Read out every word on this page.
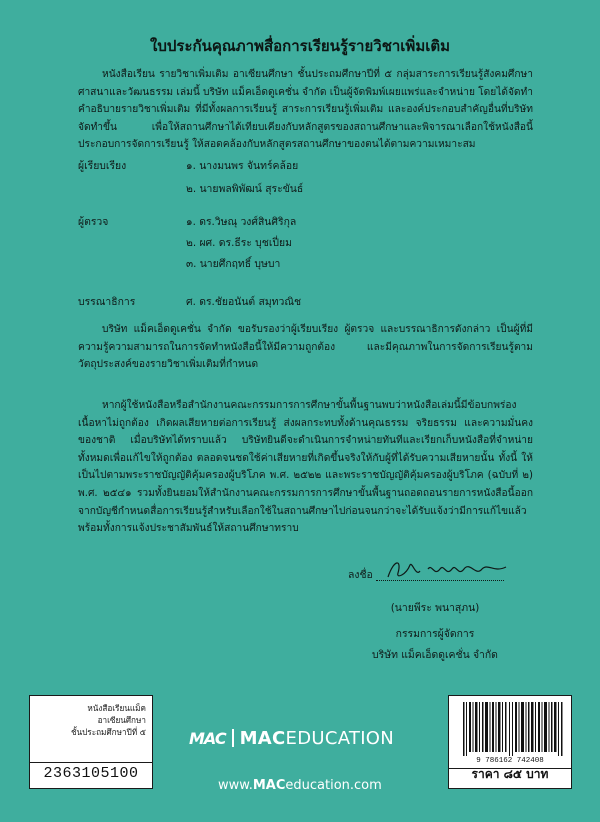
ใบประกันคุณภาพสื่อการเรียนรู้รายวิชาเพิ่มเติม
หนังสือเรียน รายวิชาเพิ่มเติม อาเซียนศึกษา ชั้นประถมศึกษาปีที่ ๕ กลุ่มสาระการเรียนรู้สังคมศึกษา ศาสนาและวัฒนธรรม เล่มนี้ บริษัท แม็คเอ็ดดูเคชั่น จำกัด เป็นผู้จัดพิมพ์เผยแพร่และจำหน่าย โดยได้จัดทำคำอธิบายรายวิชาเพิ่มเติม ที่มีทั้งผลการเรียนรู้ สาระการเรียนรู้เพิ่มเติม และองค์ประกอบสำคัญอื่นที่บริษัทจัดทำขึ้น เพื่อให้สถานศึกษาได้เทียบเคียงกับหลักสูตรของสถานศึกษาและพิจารณาเลือกใช้หนังสือนี้ประกอบการจัดการเรียนรู้ ให้สอดคล้องกับหลักสูตรสถานศึกษาของตนได้ตามความเหมาะสม
ผู้เรียบเรียง	๑. นางมนพร จันทร์คล้อย
๒. นายพลพิพัฒน์ สุระขันธ์
ผู้ตรวจ	๑. ดร.วิษณุ วงศ์สินศิริกุล
๒. ผศ. ดร.ธีระ บุชเปี่ยม
๓. นายศึกฤทธิ์ บุษบา
บรรณาธิการ	ศ. ดร.ชัยอนันต์ สมุทวณิช
บริษัท แม็คเอ็ดดูเคชั่น จำกัด ขอรับรองว่าผู้เรียบเรียง ผู้ตรวจ และบรรณาธิการดังกล่าว เป็นผู้ที่มีความรู้ความสามารถในการจัดทำหนังสือนี้ให้มีความถูกต้อง และมีคุณภาพในการจัดการเรียนรู้ตามวัตถุประสงค์ของรายวิชาเพิ่มเติมที่กำหนด
หากผู้ใช้หนังสือหรือสำนักงานคณะกรรมการการศึกษาขั้นพื้นฐานพบว่าหนังสือเล่มนี้มีข้อบกพร่อง เนื้อหาไม่ถูกต้อง เกิดผลเสียหายต่อการเรียนรู้ ส่งผลกระทบทั้งด้านคุณธรรม จริยธรรม และความมั่นคงของชาติ เมื่อบริษัทได้ทราบแล้ว บริษัทยินดีจะดำเนินการจำหน่ายทันทีและเรียกเก็บหนังสือที่จำหน่ายทั้งหมดเพื่อแก้ไขให้ถูกต้อง ตลอดจนชดใช้ค่าเสียหายที่เกิดขึ้นจริงให้กับผู้ที่ได้รับความเสียหายนั้น ทั้งนี้ ให้เป็นไปตามพระราชบัญญัติคุ้มครองผู้บริโภค พ.ศ. ๒๕๒๒ และพระราชบัญญัติคุ้มครองผู้บริโภค (ฉบับที่ ๒) พ.ศ. ๒๕๔๑ รวมทั้งยินยอมให้สำนักงานคณะกรรมการการศึกษาขั้นพื้นฐานถอดถอนรายการหนังสือนี้ออกจากบัญชีกำหนดสื่อการเรียนรู้สำหรับเลือกใช้ในสถานศึกษาไปก่อนจนกว่าจะได้รับแจ้งว่ามีการแก้ไขแล้ว พร้อมทั้งการแจ้งประชาสัมพันธ์ให้สถานศึกษาทราบ
ลงชื่อ
(นายพีระ พนาสุภน)
กรรมการผู้จัดการ
บริษัท แม็คเอ็ดดูเคชั่น จำกัด
หนังสือเรียนแม็ค
อาเซียนศึกษา
ชั้นประถมศึกษาปีที่ ๕
2363105100
MAC MACEDUCATION
www.MACeducation.com
9 786162 742408
ราคา ๘๕ บาท
